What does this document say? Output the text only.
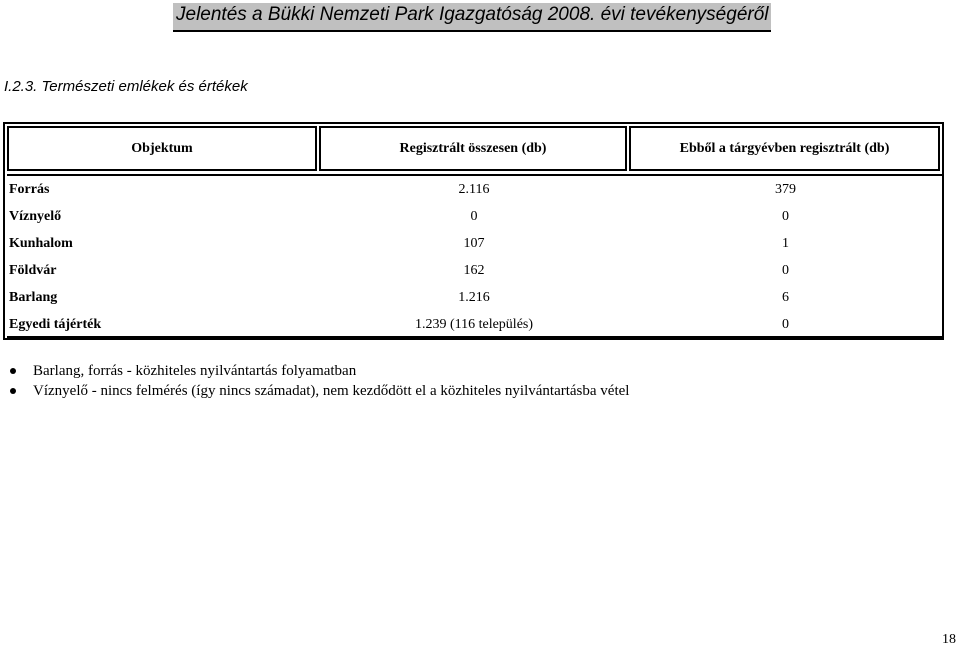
Jelentés a Bükki Nemzeti Park Igazgatóság 2008. évi tevékenységéről
I.2.3. Természeti emlékek és értékek
Objektum	Regisztrált összesen (db)	Ebből a tárgyévben regisztrált (db)
Forrás	2.116	379
Víznyelő	0	0
Kunhalom	107	1
Földvár	162	0
Barlang	1.216	6
Egyedi tájérték	1.239 (116 település)	0
Barlang, forrás - közhiteles nyilvántartás folyamatban
Víznyelő - nincs felmérés (így nincs számadat), nem kezdődött el a közhiteles nyilvántartásba vétel
18
